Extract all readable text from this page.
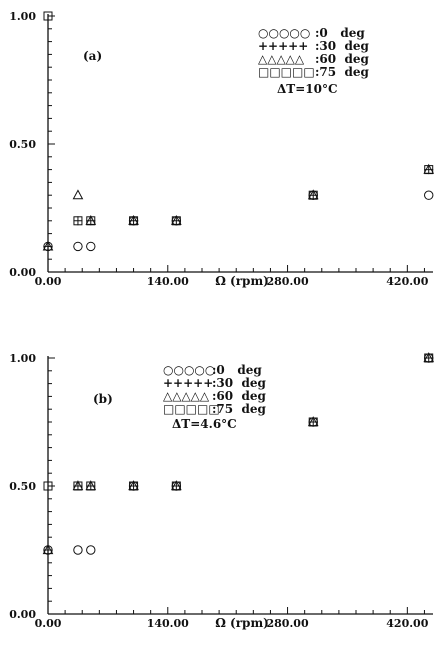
(a)
○○○○○ :0   deg
+++++ :30  deg
△△△△△ :60  deg
□□□□□ :75  deg
ΔT=10°C
Ω (rpm)
0.00	140.00	280.00	420.00
0.00
0.50
1.00
(b)
○○○○○
:0   deg
+++++
:30  deg
△△△△△ :60  deg
□□□□□
:75  deg
ΔT=4.6°C
Ω (rpm)
0.00	140.00	280.00	420.00
0.00
0.50
1.00
